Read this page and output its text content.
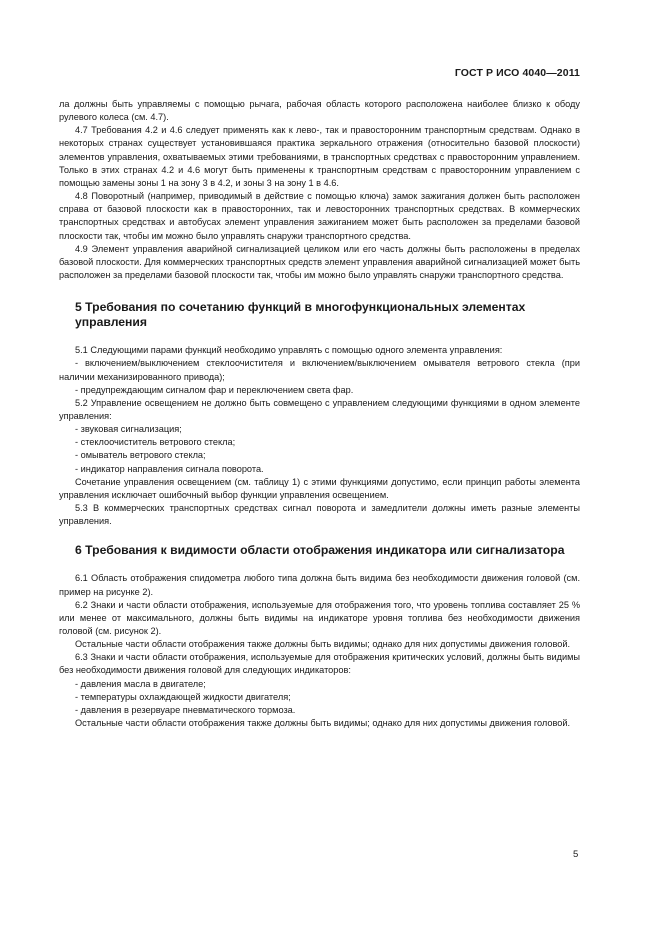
ГОСТ Р ИСО 4040—2011

ла должны быть управляемы с помощью рычага, рабочая область которого расположена наиболее близко к ободу рулевого колеса (см. 4.7).

4.7 Требования 4.2 и 4.6 следует применять как к лево-, так и правосторонним транспортным средствам. Однако в некоторых странах существует установившаяся практика зеркального отражения (относительно базовой плоскости) элементов управления, охватываемых этими требованиями, в транспортных средствах с правосторонним управлением. Только в этих странах 4.2 и 4.6 могут быть применены к транспортным средствам с правосторонним управлением с помощью замены зоны 1 на зону 3 в 4.2, и зоны 3 на зону 1 в 4.6.

4.8 Поворотный (например, приводимый в действие с помощью ключа) замок зажигания должен быть расположен справа от базовой плоскости как в правосторонних, так и левосторонних транспортных средствах. В коммерческих транспортных средствах и автобусах элемент управления зажиганием может быть расположен за пределами базовой плоскости так, чтобы им можно было управлять снаружи транспортного средства.

4.9 Элемент управления аварийной сигнализацией целиком или его часть должны быть расположены в пределах базовой плоскости. Для коммерческих транспортных средств элемент управления аварийной сигнализацией может быть расположен за пределами базовой плоскости так, чтобы им можно было управлять снаружи транспортного средства.

5 Требования по сочетанию функций в многофункциональных элементах управления

5.1 Следующими парами функций необходимо управлять с помощью одного элемента управления:

- включением/выключением стеклоочистителя и включением/выключением омывателя ветрового стекла (при наличии механизированного привода);

- предупреждающим сигналом фар и переключением света фар.

5.2 Управление освещением не должно быть совмещено с управлением следующими функциями в одном элементе управления:

- звуковая сигнализация;

- стеклоочиститель ветрового стекла;

- омыватель ветрового стекла;

- индикатор направления сигнала поворота.

Сочетание управления освещением (см. таблицу 1) с этими функциями допустимо, если принцип работы элемента управления исключает ошибочный выбор функции управления освещением.

5.3 В коммерческих транспортных средствах сигнал поворота и замедлители должны иметь разные элементы управления.

6 Требования к видимости области отображения индикатора или сигнализатора

6.1 Область отображения спидометра любого типа должна быть видима без необходимости движения головой (см. пример на рисунке 2).

6.2 Знаки и части области отображения, используемые для отображения того, что уровень топлива составляет 25 % или менее от максимального, должны быть видимы на индикаторе уровня топлива без необходимости движения головой (см. рисунок 2).

Остальные части области отображения также должны быть видимы; однако для них допустимы движения головой.

6.3 Знаки и части области отображения, используемые для отображения критических условий, должны быть видимы без необходимости движения головой для следующих индикаторов:

- давления масла в двигателе;

- температуры охлаждающей жидкости двигателя;

- давления в резервуаре пневматического тормоза.

Остальные части области отображения также должны быть видимы; однако для них допустимы движения головой.

5
